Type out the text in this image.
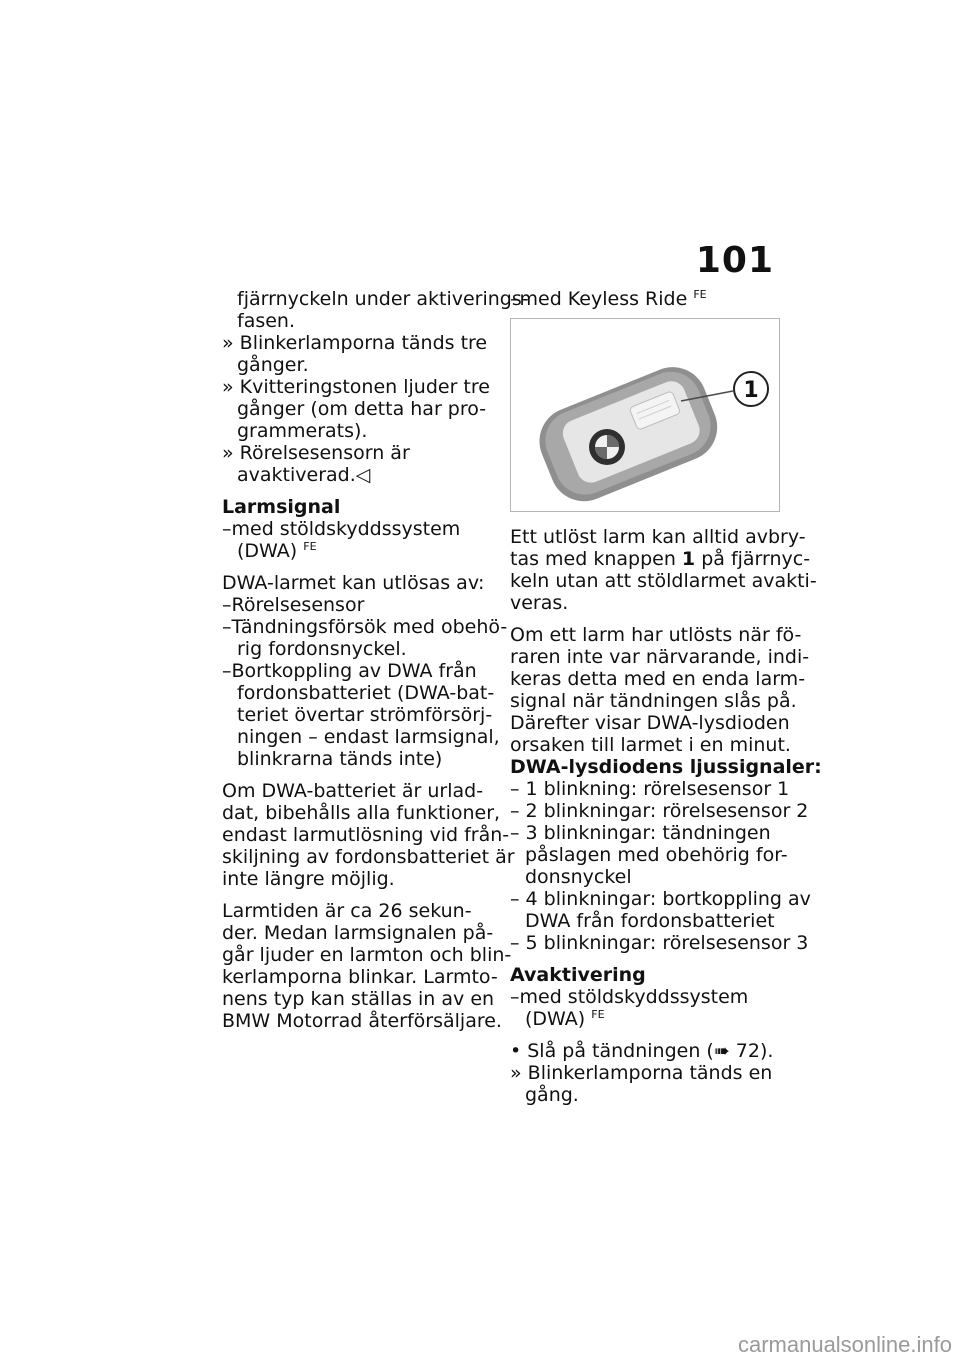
101
fjärrnyckeln under aktiverings-
fasen.
» Blinkerlamporna tänds tre
gånger.
» Kvitteringstonen ljuder tre
gånger (om detta har pro-
grammerats).
» Rörelsesensorn är
avaktiverad.◁
Larmsignal
–med stöldskyddssystem
(DWA) $^{FE}$
DWA-larmet kan utlösas av:
–Rörelsesensor
–Tändningsförsök med obehö-
rig fordonsnyckel.
–Bortkoppling av DWA från
fordonsbatteriet (DWA-bat-
teriet övertar strömförsörj-
ningen – endast larmsignal,
blinkrarna tänds inte)
Om DWA-batteriet är urlad-
dat, bibehålls alla funktioner,
endast larmutlösning vid från-
skiljning av fordonsbatteriet är
inte längre möjlig.
Larmtiden är ca 26 sekun-
der. Medan larmsignalen på-
går ljuder en larmton och blin-
kerlamporna blinkar. Larmto-
nens typ kan ställas in av en
BMW Motorrad återförsäljare.
–med Keyless Ride $^{FE}$
1
Ett utlöst larm kan alltid avbry-
tas med knappen 1 på fjärrnyc-
keln utan att stöldlarmet avakti-
veras.
Om ett larm har utlösts när fö-
raren inte var närvarande, indi-
keras detta med en enda larm-
signal när tändningen slås på.
Därefter visar DWA-lysdioden
orsaken till larmet i en minut.
DWA-lysdiodens ljussignaler:
– 1 blinkning: rörelsesensor 1
– 2 blinkningar: rörelsesensor 2
– 3 blinkningar: tändningen
påslagen med obehörig for-
donsnyckel
– 4 blinkningar: bortkoppling av
DWA från fordonsbatteriet
– 5 blinkningar: rörelsesensor 3
Avaktivering
–med stöldskyddssystem
(DWA) $^{FE}$
• Slå på tändningen (➠ 72).
» Blinkerlamporna tänds en
gång.
carmanualsonline.info
